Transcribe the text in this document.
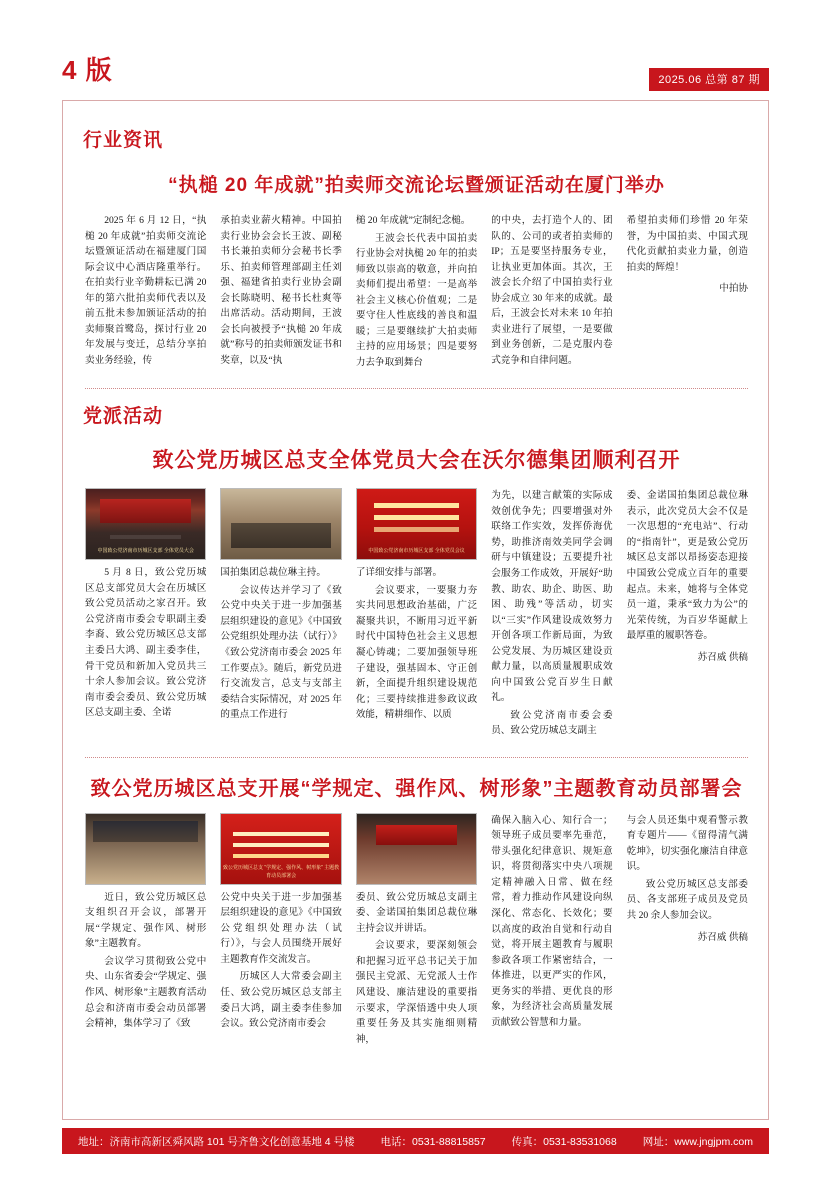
4 版	2025.06 总第 87 期
行业资讯
“执槌 20 年成就”拍卖师交流论坛暨颁证活动在厦门举办

2025 年 6 月 12 日，“执槌 20 年成就”拍卖师交流论坛暨颁证活动在福建厦门国际会议中心酒店隆重举行。在拍卖行业辛勤耕耘已满 20 年的第六批拍卖师代表以及前五批未参加颁证活动的拍卖师聚首鹭岛，探讨行业 20 年发展与变迁，总结分享拍卖业务经验，传

承拍卖业薪火精神。中国拍卖行业协会会长王波、副秘书长兼拍卖师分会秘书长季乐、拍卖师管理部副主任刘强、福建省拍卖行业协会副会长陈晓明、秘书长杜爽等出席活动。活动期间，王波会长向被授予“执槌 20 年成就”称号的拍卖师颁发证书和奖章，以及“执

槌 20 年成就”定制纪念槌。

王波会长代表中国拍卖行业协会对执槌 20 年的拍卖师致以崇高的敬意，并向拍卖师们提出希望：一是高举社会主义核心价值观；二是要守住人性底线的善良和温暖；三是要继续扩大拍卖师主持的应用场景；四是要努力去争取到舞台

的中央，去打造个人的、团队的、公司的或者拍卖师的 IP；五是要坚持服务专业，让执业更加体面。其次，王波会长介绍了中国拍卖行业协会成立 30 年来的成就。最后，王波会长对未来 10 年拍卖业进行了展望，一是要做到业务创新，二是克服内卷式竞争和自律问题。

希望拍卖师们珍惜 20 年荣誉，为中国拍卖、中国式现代化贡献拍卖业力量，创造拍卖的辉煌！

中拍协
党派活动
致公党历城区总支全体党员大会在沃尔德集团顺利召开
中国致公党济南市历城区支部 全体党员大会

5 月 8 日，致公党历城区总支部党员大会在历城区致公党员活动之家召开。致公党济南市委会专职副主委李裔、致公党历城区总支部主委吕大鸿、副主委李佳，骨干党员和新加入党员共三十余人参加会议。致公党济南市委会委员、致公党历城区总支副主委、全诺

国拍集团总裁位琳主持。

会议传达并学习了《致公党中央关于进一步加强基层组织建设的意见》《中国致公党组织处理办法（试行）》《致公党济南市委会 2025 年工作要点》。随后，新党员进行交流发言，总支与支部主委结合实际情况，对 2025 年的重点工作进行

中国致公党济南市历城区支部 全体党员会议

了详细安排与部署。

会议要求，一要聚力夯实共同思想政治基础，广泛凝聚共识，不断用习近平新时代中国特色社会主义思想凝心铸魂；二要加强领导班子建设，强基固本、守正创新，全面提升组织建设规范化；三要持续推进参政议政效能，精耕细作、以质

为先，以建言献策的实际成效创优争先；四要增强对外联络工作实效，发挥侨海优势，助推济南效美同学会调研与中镇建设；五要提升社会服务工作成效，开展好“助教、助农、助企、助医、助困、助残”等活动，切实以“三实”作风建设成效努力开创各项工作新局面，为致公党发展、为历城区建设贡献力量，以高质量履职成效向中国致公党百岁生日献礼。

致公党济南市委会委员、致公党历城总支副主

委、金诺国拍集团总裁位琳表示，此次党员大会不仅是一次思想的“充电站”、行动的“指南针”，更是致公党历城区总支部以昂扬姿态迎接中国致公党成立百年的重要起点。未来，她将与全体党员一道，秉承“致力为公”的光荣传统，为百岁华诞献上最厚重的履职答卷。

苏召威 供稿
致公党历城区总支开展“学规定、强作风、树形象”主题教育动员部署会

近日，致公党历城区总支组织召开会议，部署开展“学规定、强作风、树形象”主题教育。

会议学习贯彻致公党中央、山东省委会“学规定、强作风、树形象”主题教育活动总会和济南市委会动员部署会精神，集体学习了《致

致公党历城区总支 “学规定、强作风、树形象” 主题教育动员部署会

公党中央关于进一步加强基层组织建设的意见》《中国致公党组织处理办法（试行）》，与会人员围绕开展好主题教育作交流发言。

历城区人大常委会副主任、致公党历城区总支部主委吕大鸿，副主委李佳参加会议。致公党济南市委会

委员、致公党历城总支副主委、金诺国拍集团总裁位琳主持会议并讲话。

会议要求，要深刻领会和把握习近平总书记关于加强民主党派、无党派人士作风建设、廉洁建设的重要指示要求，学深悟透中央人项重要任务及其实施细则精神，

确保入脑入心、知行合一；领导班子成员要率先垂范，带头强化纪律意识、规矩意识，将贯彻落实中央八项规定精神融入日常、做在经常，着力推动作风建设向纵深化、常态化、长效化；要以高度的政治自觉和行动自觉，将开展主题教育与履职参政各项工作紧密结合，一体推进，以更严实的作风，更务实的举措、更优良的形象，为经济社会高质量发展贡献致公智慧和力量。

与会人员还集中观看警示教育专题片——《留得清气满乾坤》，切实强化廉洁自律意识。

致公党历城区总支部委员、各支部班子成员及党员共 20 余人参加会议。

苏召威 供稿
地址：济南市高新区舜风路 101 号齐鲁文化创意基地 4 号楼 电话：0531-88815857 传真：0531-83531068 网址：www.jngjpm.com
